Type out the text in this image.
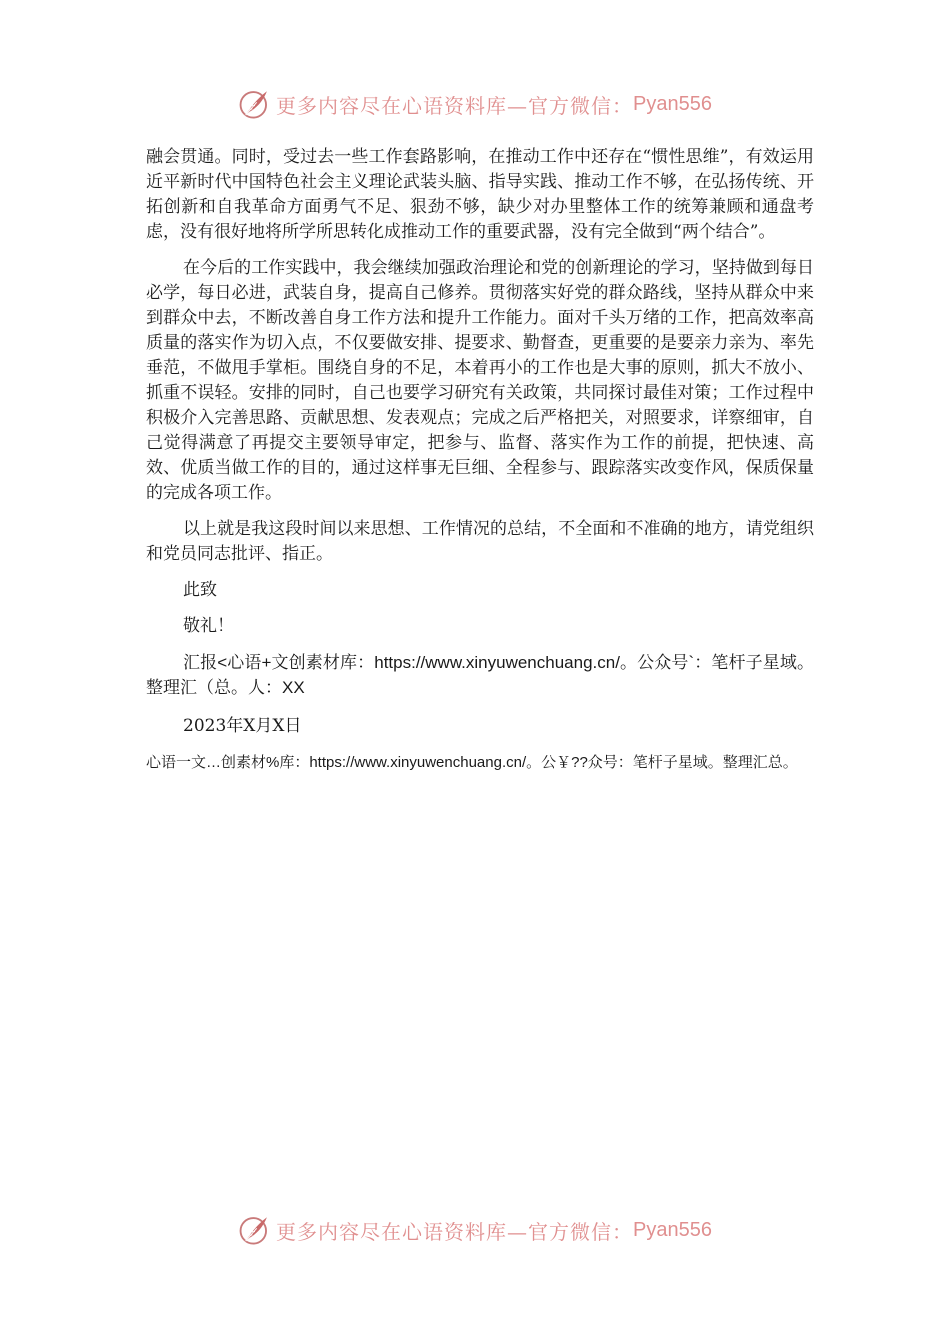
更多内容尽在心语资料库—官方微信： Pyan556

融会贯通。同时，受过去一些工作套路影响，在推动工作中还存在“惯性思维”，有效运用近平新时代中国特色社会主义理论武装头脑、指导实践、推动工作不够，在弘扬传统、开拓创新和自我革命方面勇气不足、狠劲不够，缺少对办里整体工作的统筹兼顾和通盘考虑，没有很好地将所学所思转化成推动工作的重要武器，没有完全做到“两个结合”。

在今后的工作实践中，我会继续加强政治理论和党的创新理论的学习，坚持做到每日必学，每日必进，武装自身，提高自己修养。贯彻落实好党的群众路线，坚持从群众中来到群众中去，不断改善自身工作方法和提升工作能力。面对千头万绪的工作，把高效率高质量的落实作为切入点，不仅要做安排、提要求、勤督查，更重要的是要亲力亲为、率先垂范，不做甩手掌柜。围绕自身的不足，本着再小的工作也是大事的原则，抓大不放小、抓重不误轻。安排的同时，自己也要学习研究有关政策，共同探讨最佳对策；工作过程中积极介入完善思路、贡献思想、发表观点；完成之后严格把关，对照要求，详察细审，自己觉得满意了再提交主要领导审定，把参与、监督、落实作为工作的前提，把快速、高效、优质当做工作的目的，通过这样事无巨细、全程参与、跟踪落实改变作风，保质保量的完成各项工作。

以上就是我这段时间以来思想、工作情况的总结，不全面和不准确的地方，请党组织和党员同志批评、指正。

此致

敬礼！

汇报<心语+文创素材库：https://www.xinyuwenchuang.cn/。公众号`：笔杆子星域。整理汇（总。人：XX

2023年X月X日

心语一文…创素材%库：https://www.xinyuwenchuang.cn/。公￥??众号：笔杆子星域。整理汇总。

更多内容尽在心语资料库—官方微信： Pyan556
